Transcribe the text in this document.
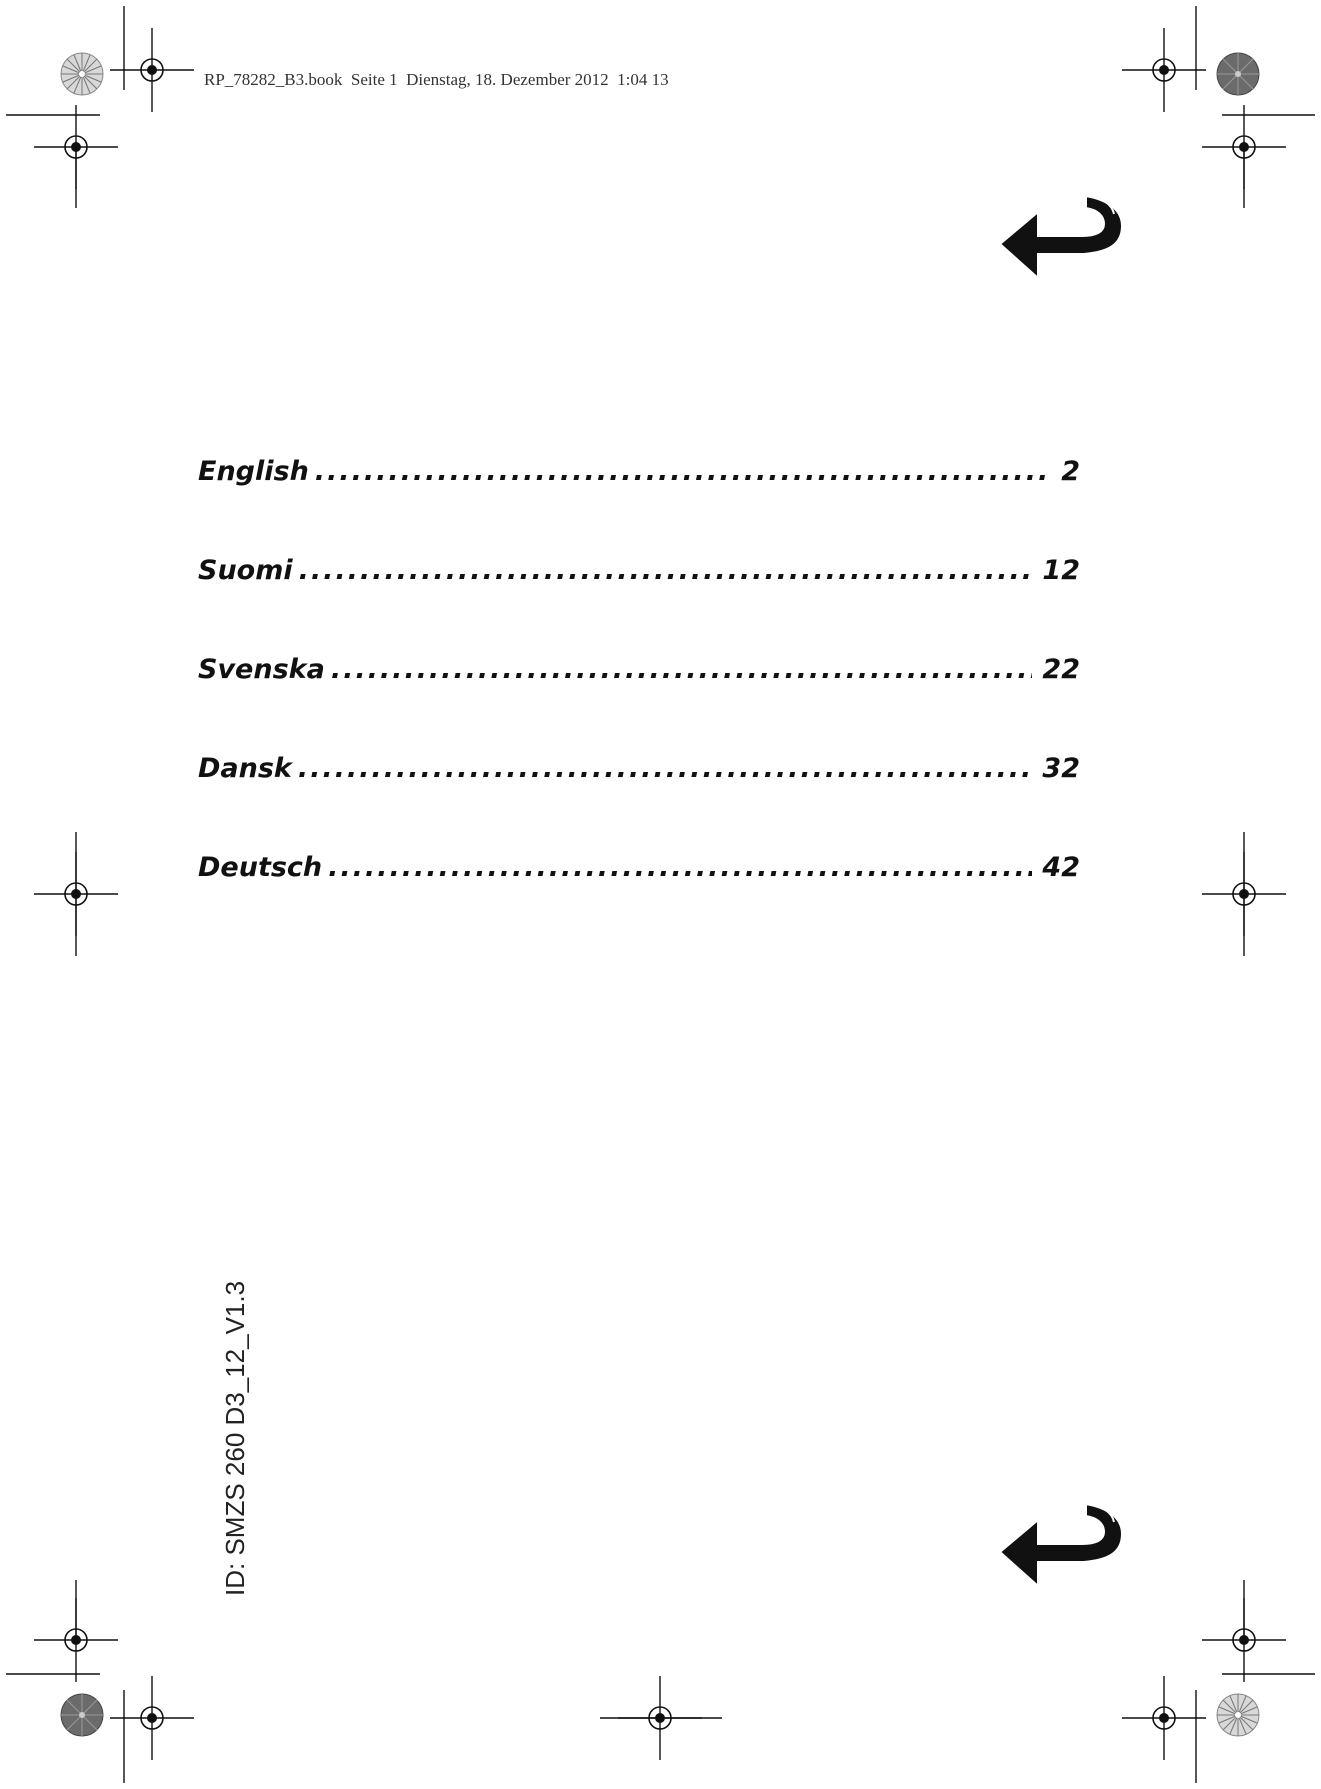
RP_78282_B3.book  Seite 1  Dienstag, 18. Dezember 2012  1:04 13
English .....	2
Suomi .....	12
Svenska .....	22
Dansk .....	32
Deutsch .....	42
ID: SMZS 260 D3_12_V1.3
